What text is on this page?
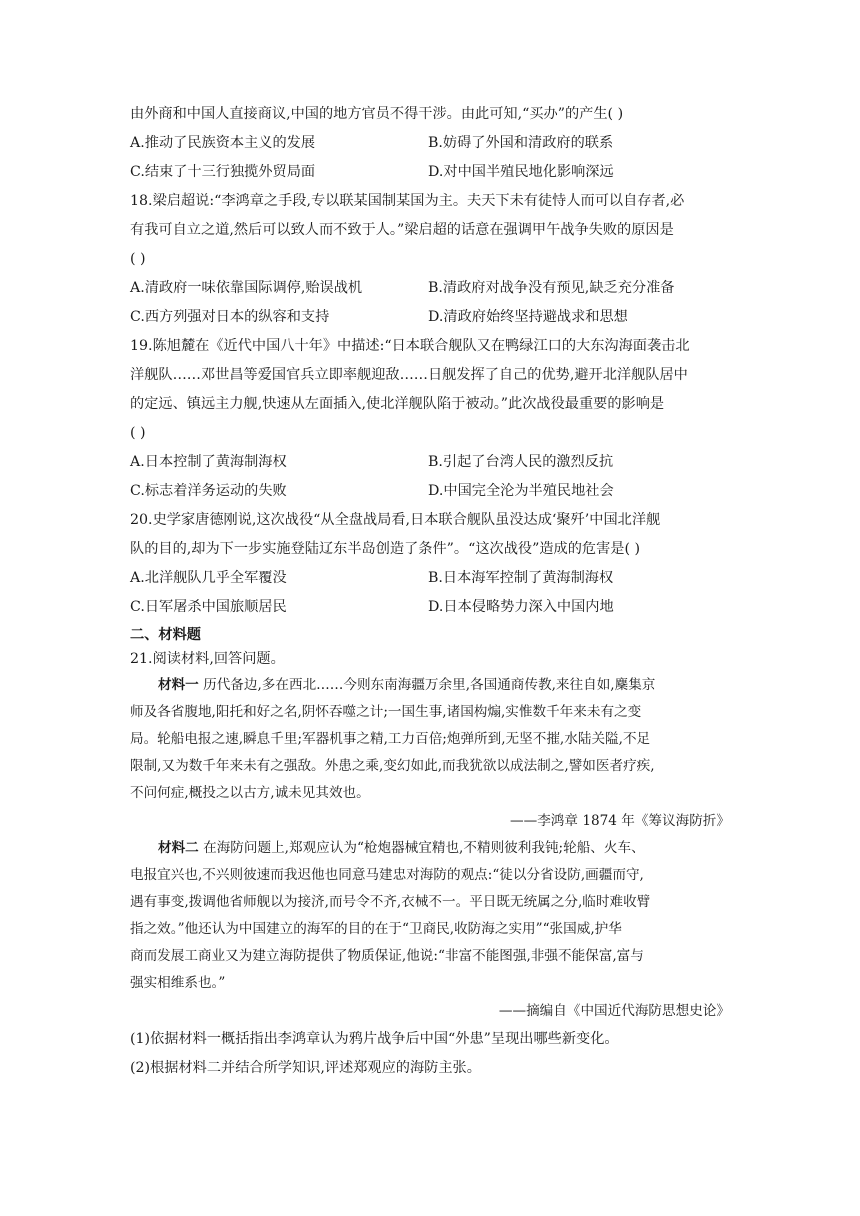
由外商和中国人直接商议,中国的地方官员不得干涉。由此可知,“买办”的产生( )
A.推动了民族资本主义的发展	B.妨碍了外国和清政府的联系
C.结束了十三行独揽外贸局面	D.对中国半殖民地化影响深远
18.梁启超说:“李鸿章之手段,专以联某国制某国为主。夫天下未有徒恃人而可以自存者,必
有我可自立之道,然后可以致人而不致于人。”梁启超的话意在强调甲午战争失败的原因是
( )
A.清政府一味依靠国际调停,贻误战机	B.清政府对战争没有预见,缺乏充分准备
C.西方列强对日本的纵容和支持	D.清政府始终坚持避战求和思想
19.陈旭麓在《近代中国八十年》中描述:“日本联合舰队又在鸭绿江口的大东沟海面袭击北
洋舰队……邓世昌等爱国官兵立即率舰迎敌……日舰发挥了自己的优势,避开北洋舰队居中
的定远、镇远主力舰,快速从左面插入,使北洋舰队陷于被动。”此次战役最重要的影响是
( )
A.日本控制了黄海制海权	B.引起了台湾人民的激烈反抗
C.标志着洋务运动的失败	D.中国完全沦为半殖民地社会
20.史学家唐德刚说,这次战役“从全盘战局看,日本联合舰队虽没达成‘聚歼’中国北洋舰
队的目的,却为下一步实施登陆辽东半岛创造了条件”。“这次战役”造成的危害是( )
A.北洋舰队几乎全军覆没	B.日本海军控制了黄海制海权
C.日军屠杀中国旅顺居民	D.日本侵略势力深入中国内地
二、材料题
21.阅读材料,回答问题。
材料一 历代备边,多在西北……今则东南海疆万余里,各国通商传教,来往自如,麇集京
师及各省腹地,阳托和好之名,阴怀吞噬之计;一国生事,诸国构煽,实惟数千年来未有之变
局。轮船电报之速,瞬息千里;军器机事之精,工力百倍;炮弹所到,无坚不摧,水陆关隘,不足
限制,又为数千年来未有之强敌。外患之乘,变幻如此,而我犹欲以成法制之,譬如医者疗疾,
不问何症,概投之以古方,诚未见其效也。
——李鸿章 1874 年《筹议海防折》
材料二 在海防问题上,郑观应认为“枪炮器械宜精也,不精则彼利我钝;轮船、火车、
电报宜兴也,不兴则彼速而我迟他也同意马建忠对海防的观点:“徒以分省设防,画疆而守,
遇有事变,拨调他省师舰以为接济,而号令不齐,衣械不一。平日既无统属之分,临时难收臂
指之效。”他还认为中国建立的海军的目的在于“卫商民,收防海之实用”“张国威,护华
商而发展工商业又为建立海防提供了物质保证,他说:“非富不能图强,非强不能保富,富与
强实相维系也。”
——摘编自《中国近代海防思想史论》
(1)依据材料一概括指出李鸿章认为鸦片战争后中国“外患”呈现出哪些新变化。
(2)根据材料二并结合所学知识,评述郑观应的海防主张。
